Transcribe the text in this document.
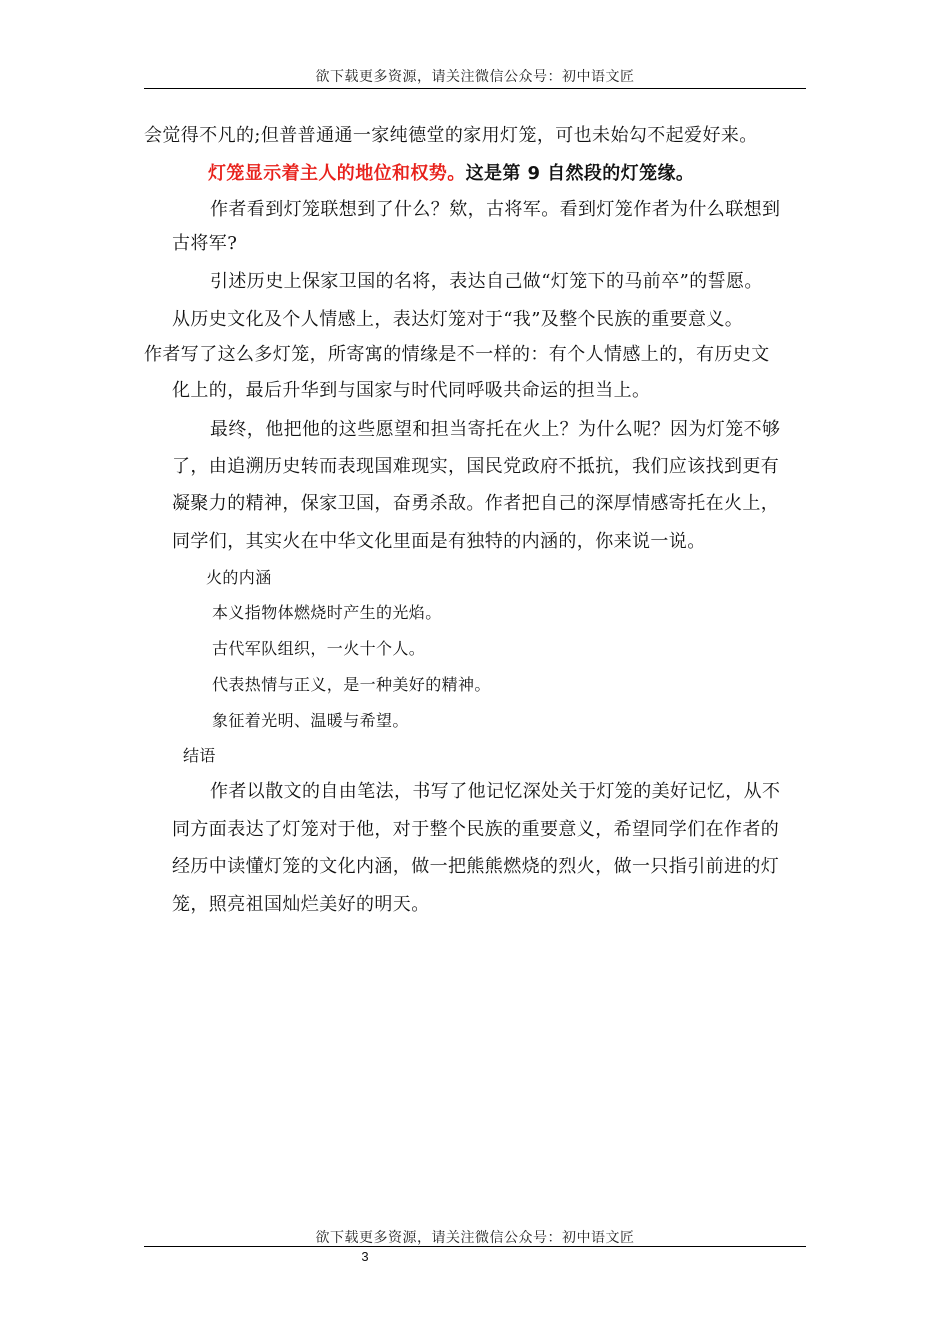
欲下载更多资源，请关注微信公众号：初中语文匠
会觉得不凡的;但普普通通一家纯德堂的家用灯笼，可也未始勾不起爱好来。
灯笼显示着主人的地位和权势。这是第 9 自然段的灯笼缘。
作者看到灯笼联想到了什么？欸，古将军。看到灯笼作者为什么联想到
古将军?
引述历史上保家卫国的名将，表达自己做“灯笼下的马前卒”的誓愿。
从历史文化及个人情感上，表达灯笼对于“我”及整个民族的重要意义。
作者写了这么多灯笼，所寄寓的情缘是不一样的：有个人情感上的，有历史文
化上的，最后升华到与国家与时代同呼吸共命运的担当上。
最终，他把他的这些愿望和担当寄托在火上？为什么呢？因为灯笼不够
了，由追溯历史转而表现国难现实，国民党政府不抵抗，我们应该找到更有
凝聚力的精神，保家卫国，奋勇杀敌。作者把自己的深厚情感寄托在火上，
同学们，其实火在中华文化里面是有独特的内涵的，你来说一说。
火的内涵
本义指物体燃烧时产生的光焰。
古代军队组织，一火十个人。
代表热情与正义，是一种美好的精神。
象征着光明、温暖与希望。
结语
作者以散文的自由笔法，书写了他记忆深处关于灯笼的美好记忆，从不
同方面表达了灯笼对于他，对于整个民族的重要意义，希望同学们在作者的
经历中读懂灯笼的文化内涵，做一把熊熊燃烧的烈火，做一只指引前进的灯
笼，照亮祖国灿烂美好的明天。
欲下载更多资源，请关注微信公众号：初中语文匠
3
